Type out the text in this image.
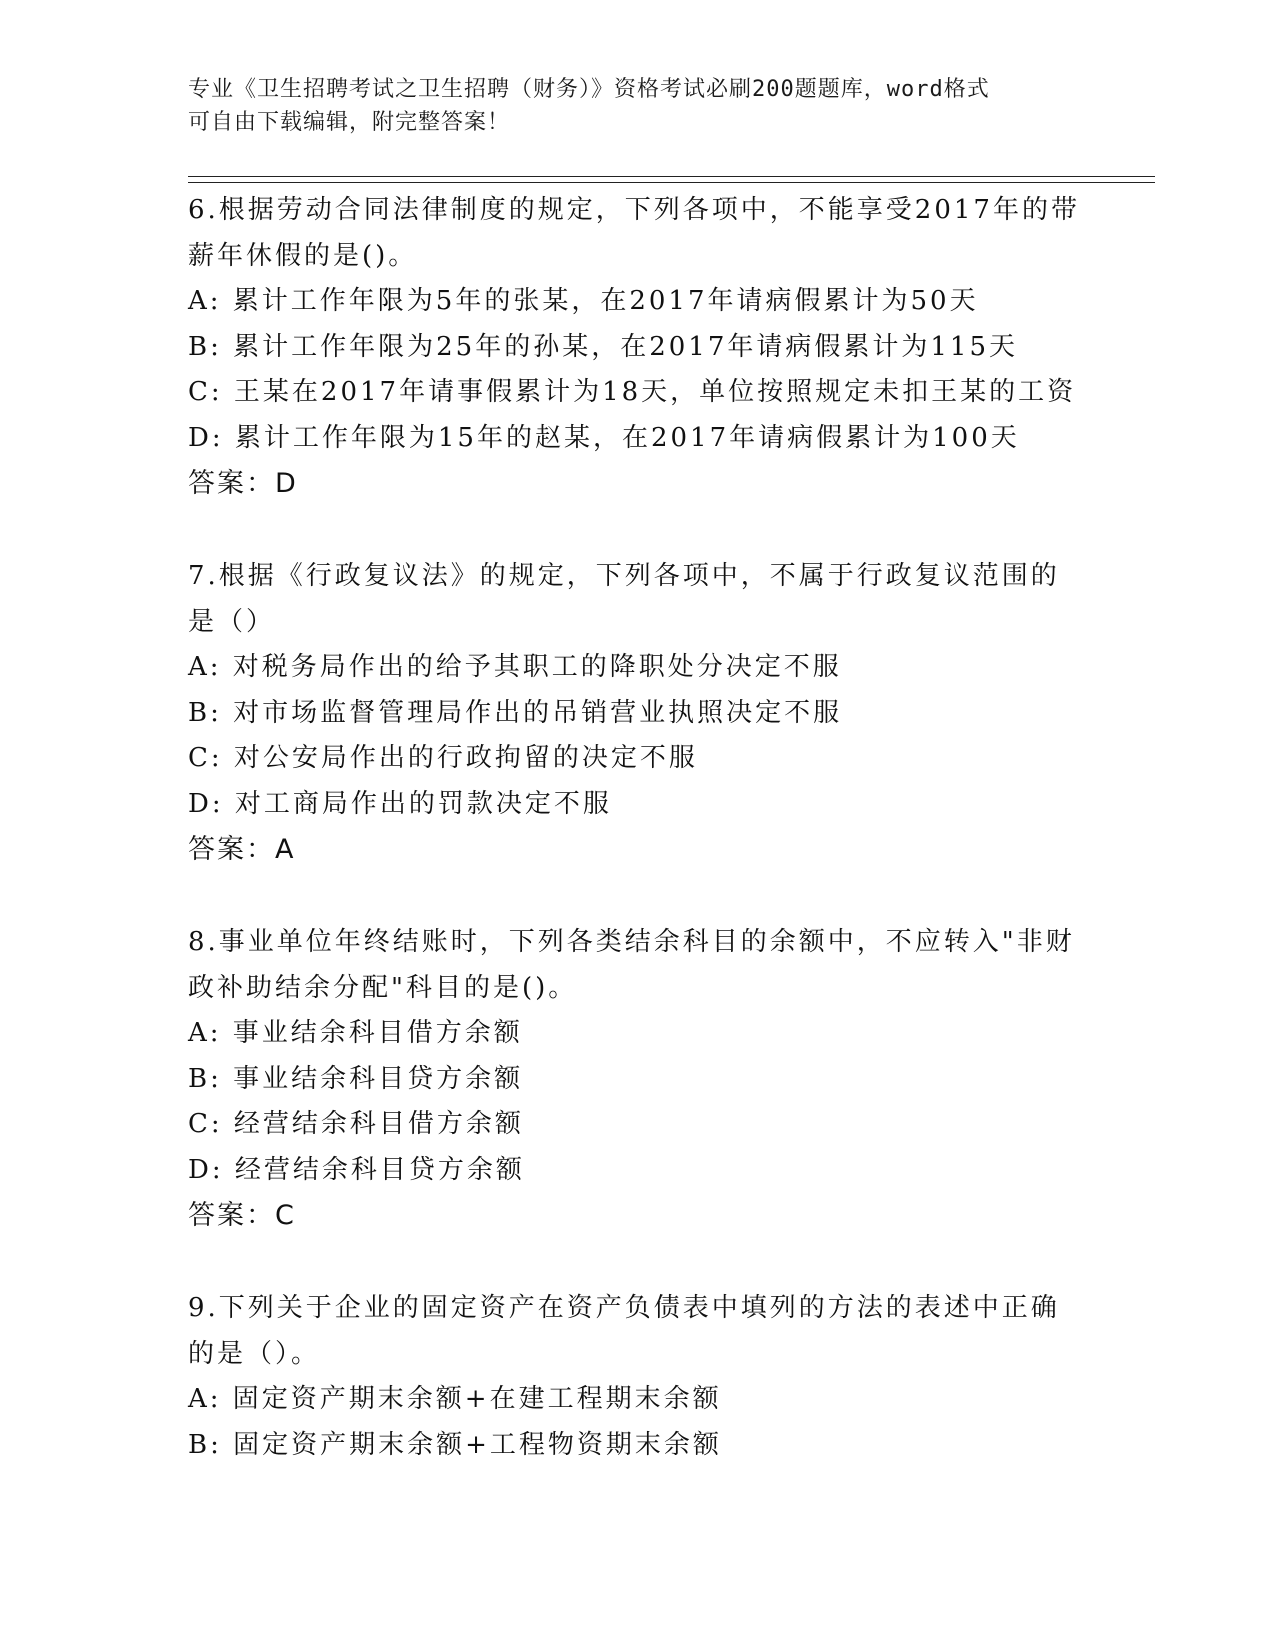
专业《卫生招聘考试之卫生招聘（财务）》资格考试必刷200题题库，word格式
可自由下载编辑，附完整答案！
6.根据劳动合同法律制度的规定，下列各项中，不能享受2017年的带
薪年休假的是()。
A: 累计工作年限为5年的张某，在2017年请病假累计为50天
B: 累计工作年限为25年的孙某，在2017年请病假累计为115天
C: 王某在2017年请事假累计为18天，单位按照规定未扣王某的工资
D: 累计工作年限为15年的赵某，在2017年请病假累计为100天
答案：D
7.根据《行政复议法》的规定，下列各项中，不属于行政复议范围的
是（）
A: 对税务局作出的给予其职工的降职处分决定不服
B: 对市场监督管理局作出的吊销营业执照决定不服
C: 对公安局作出的行政拘留的决定不服
D: 对工商局作出的罚款决定不服
答案：A
8.事业单位年终结账时，下列各类结余科目的余额中，不应转入"非财
政补助结余分配"科目的是()。
A: 事业结余科目借方余额
B: 事业结余科目贷方余额
C: 经营结余科目借方余额
D: 经营结余科目贷方余额
答案：C
9.下列关于企业的固定资产在资产负债表中填列的方法的表述中正确
的是（）。
A: 固定资产期末余额+在建工程期末余额
B: 固定资产期末余额+工程物资期末余额
